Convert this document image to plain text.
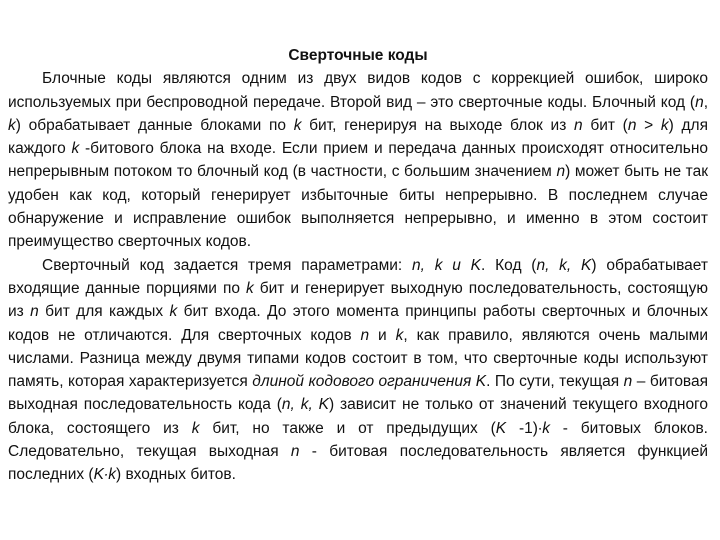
Сверточные коды

Блочные коды являются одним из двух видов кодов с коррекцией ошибок, широко используемых при беспроводной передаче. Второй вид – это сверточные коды. Блочный код (n, k) обрабатывает данные блоками по k бит, генерируя на выходе блок из n бит (n > k) для каждого k -битового блока на входе. Если прием и передача данных происходят относительно непрерывным потоком то блочный код (в частности, с большим значением n) может быть не так удобен как код, который генерирует избыточные биты непрерывно. В последнем случае обнаружение и исправление ошибок выполняется непрерывно, и именно в этом состоит преимущество сверточных кодов.

Сверточный код задается тремя параметрами: n, k и K. Код (n, k, K) обрабатывает входящие данные порциями по k бит и генерирует выходную последовательность, состоящую из n бит для каждых k бит входа. До этого момента принципы работы сверточных и блочных кодов не отличаются. Для сверточных кодов n и k, как правило, являются очень малыми числами. Разница между двумя типами кодов состоит в том, что сверточные коды используют память, которая характеризуется длиной кодового ограничения K. По сути, текущая n – битовая выходная последовательность кода (n, k, K) зависит не только от значений текущего входного блока, состоящего из k бит, но также и от предыдущих (K -1)∙k - битовых блоков. Следовательно, текущая выходная n - битовая последовательность является функцией последних (K∙k) входных битов.
